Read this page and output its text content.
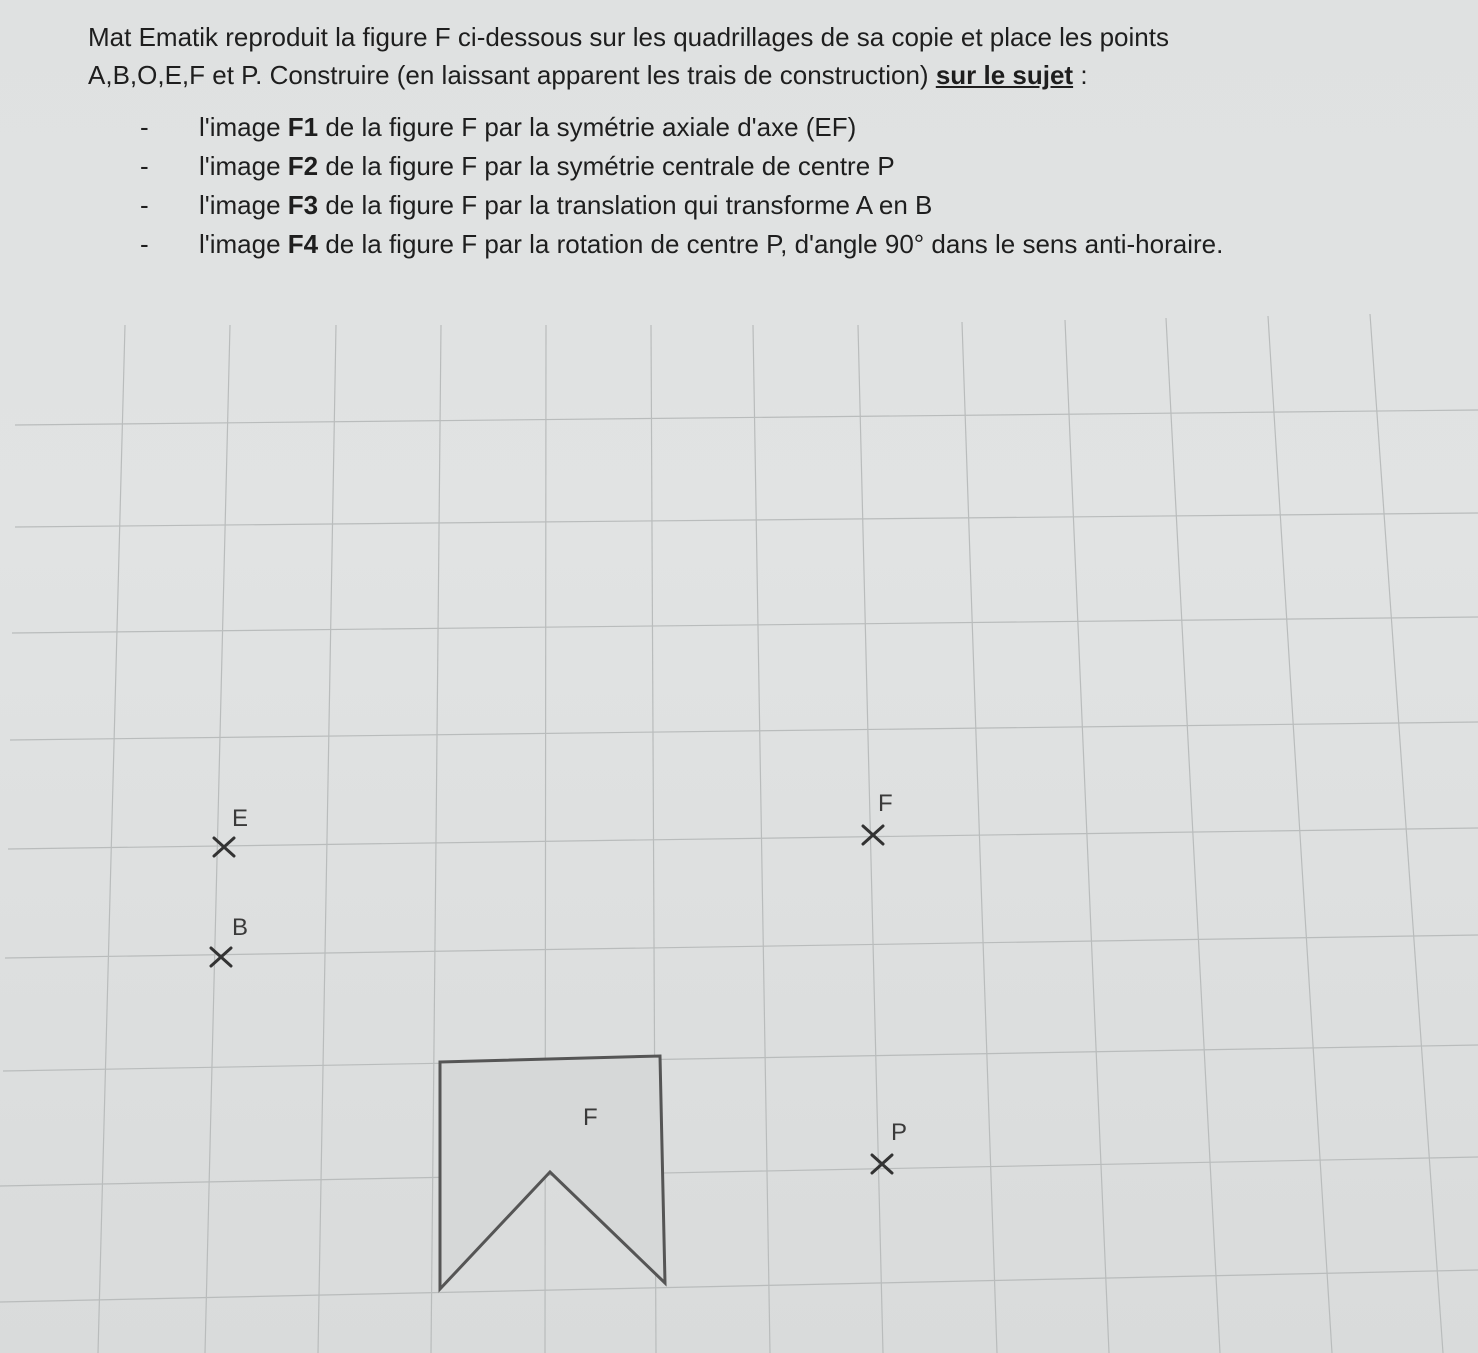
Mat Ematik reproduit la figure F ci-dessous sur les quadrillages de sa copie et place les points
A,B,O,E,F et P. Construire (en laissant apparent les trais de construction) sur le sujet :
- l'image F1 de la figure F par la symétrie axiale d'axe (EF)
- l'image F2 de la figure F par la symétrie centrale de centre P
- l'image F3 de la figure F par la translation qui transforme A en B
- l'image F4 de la figure F par la rotation de centre P, d'angle 90° dans le sens anti-horaire.
F
E
B
F
P
